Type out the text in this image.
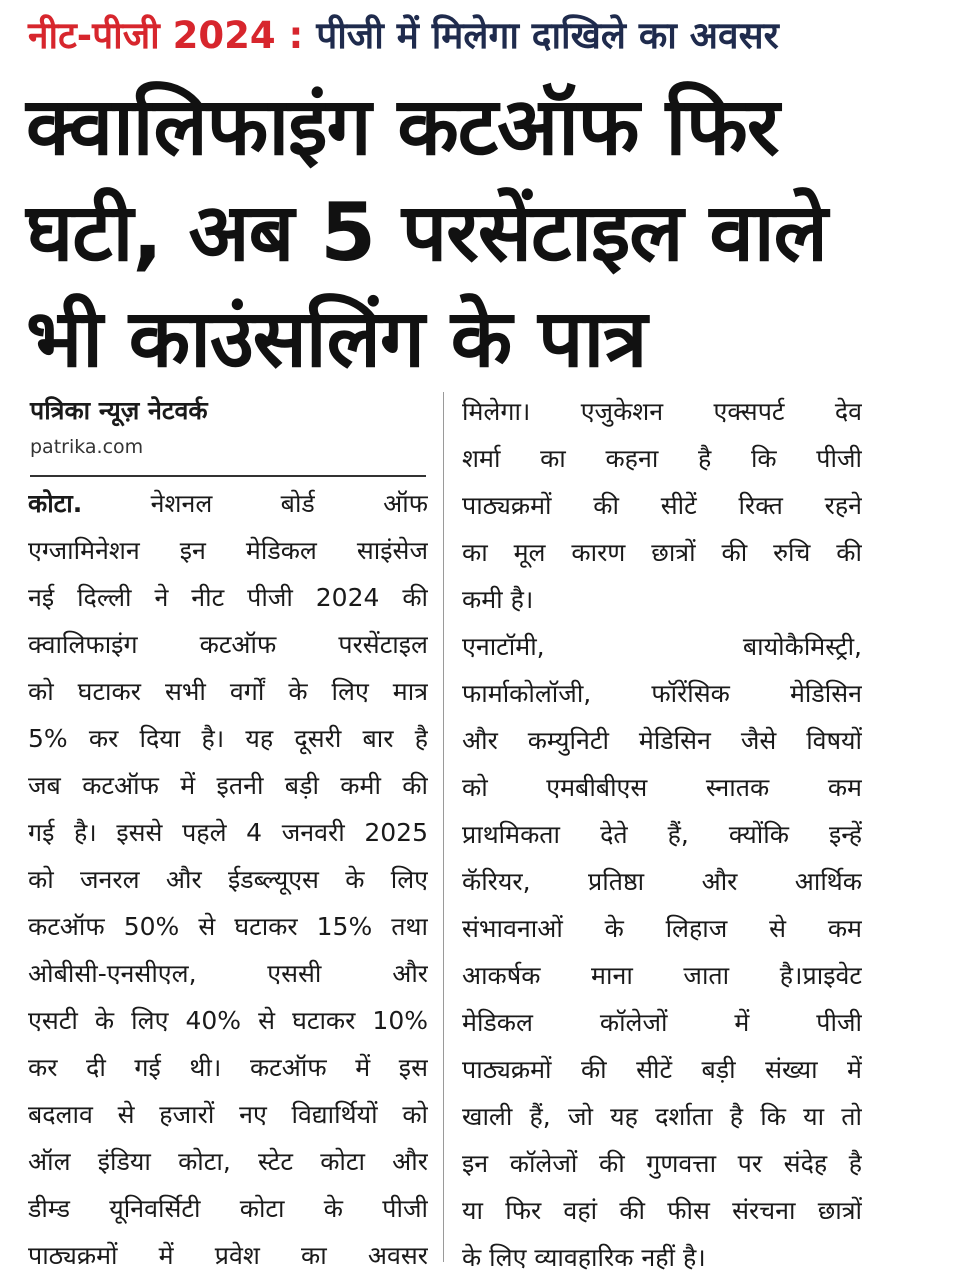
नीट-पीजी 2024 : पीजी में मिलेगा दाखिले का अवसर
क्वालिफाइंग कटऑफ फिर
घटी, अब 5 परसेंटाइल वाले
भी काउंसलिंग के पात्र
पत्रिका न्यूज़ नेटवर्क
patrika.com
कोटा.	नेशनल बोर्ड ऑफ
एग्जामिनेशन इन मेडिकल साइंसेज
नई दिल्ली ने नीट पीजी 2024 की
क्वालिफाइंग कटऑफ परसेंटाइल
को घटाकर सभी वर्गों के लिए मात्र
5% कर दिया है। यह दूसरी बार है
जब कटऑफ में इतनी बड़ी कमी की
गई है। इससे पहले 4 जनवरी 2025
को जनरल और ईडब्ल्यूएस के लिए
कटऑफ 50% से घटाकर 15% तथा
ओबीसी-एनसीएल, एससी और
एसटी के लिए 40% से घटाकर 10%
कर दी गई थी। कटऑफ में इस
बदलाव से हजारों नए विद्यार्थियों को
ऑल इंडिया कोटा, स्टेट कोटा और
डीम्ड यूनिवर्सिटी कोटा के पीजी
पाठ्यक्रमों में प्रवेश का अवसर
मिलेगा। एजुकेशन एक्सपर्ट देव
शर्मा का कहना है कि पीजी
पाठ्यक्रमों की सीटें रिक्त रहने
का मूल कारण छात्रों की रुचि की
कमी है।
एनाटॉमी, बायोकैमिस्ट्री,
फार्माकोलॉजी, फॉरेंसिक मेडिसिन
और कम्युनिटी मेडिसिन जैसे विषयों
को एमबीबीएस स्नातक कम
प्राथमिकता देते हैं, क्योंकि इन्हें
कॅरियर, प्रतिष्ठा और आर्थिक
संभावनाओं के लिहाज से कम
आकर्षक माना जाता है।प्राइवेट
मेडिकल कॉलेजों में पीजी
पाठ्यक्रमों की सीटें बड़ी संख्या में
खाली हैं, जो यह दर्शाता है कि या तो
इन कॉलेजों की गुणवत्ता पर संदेह है
या फिर वहां की फीस संरचना छात्रों
के लिए व्यावहारिक नहीं है।
